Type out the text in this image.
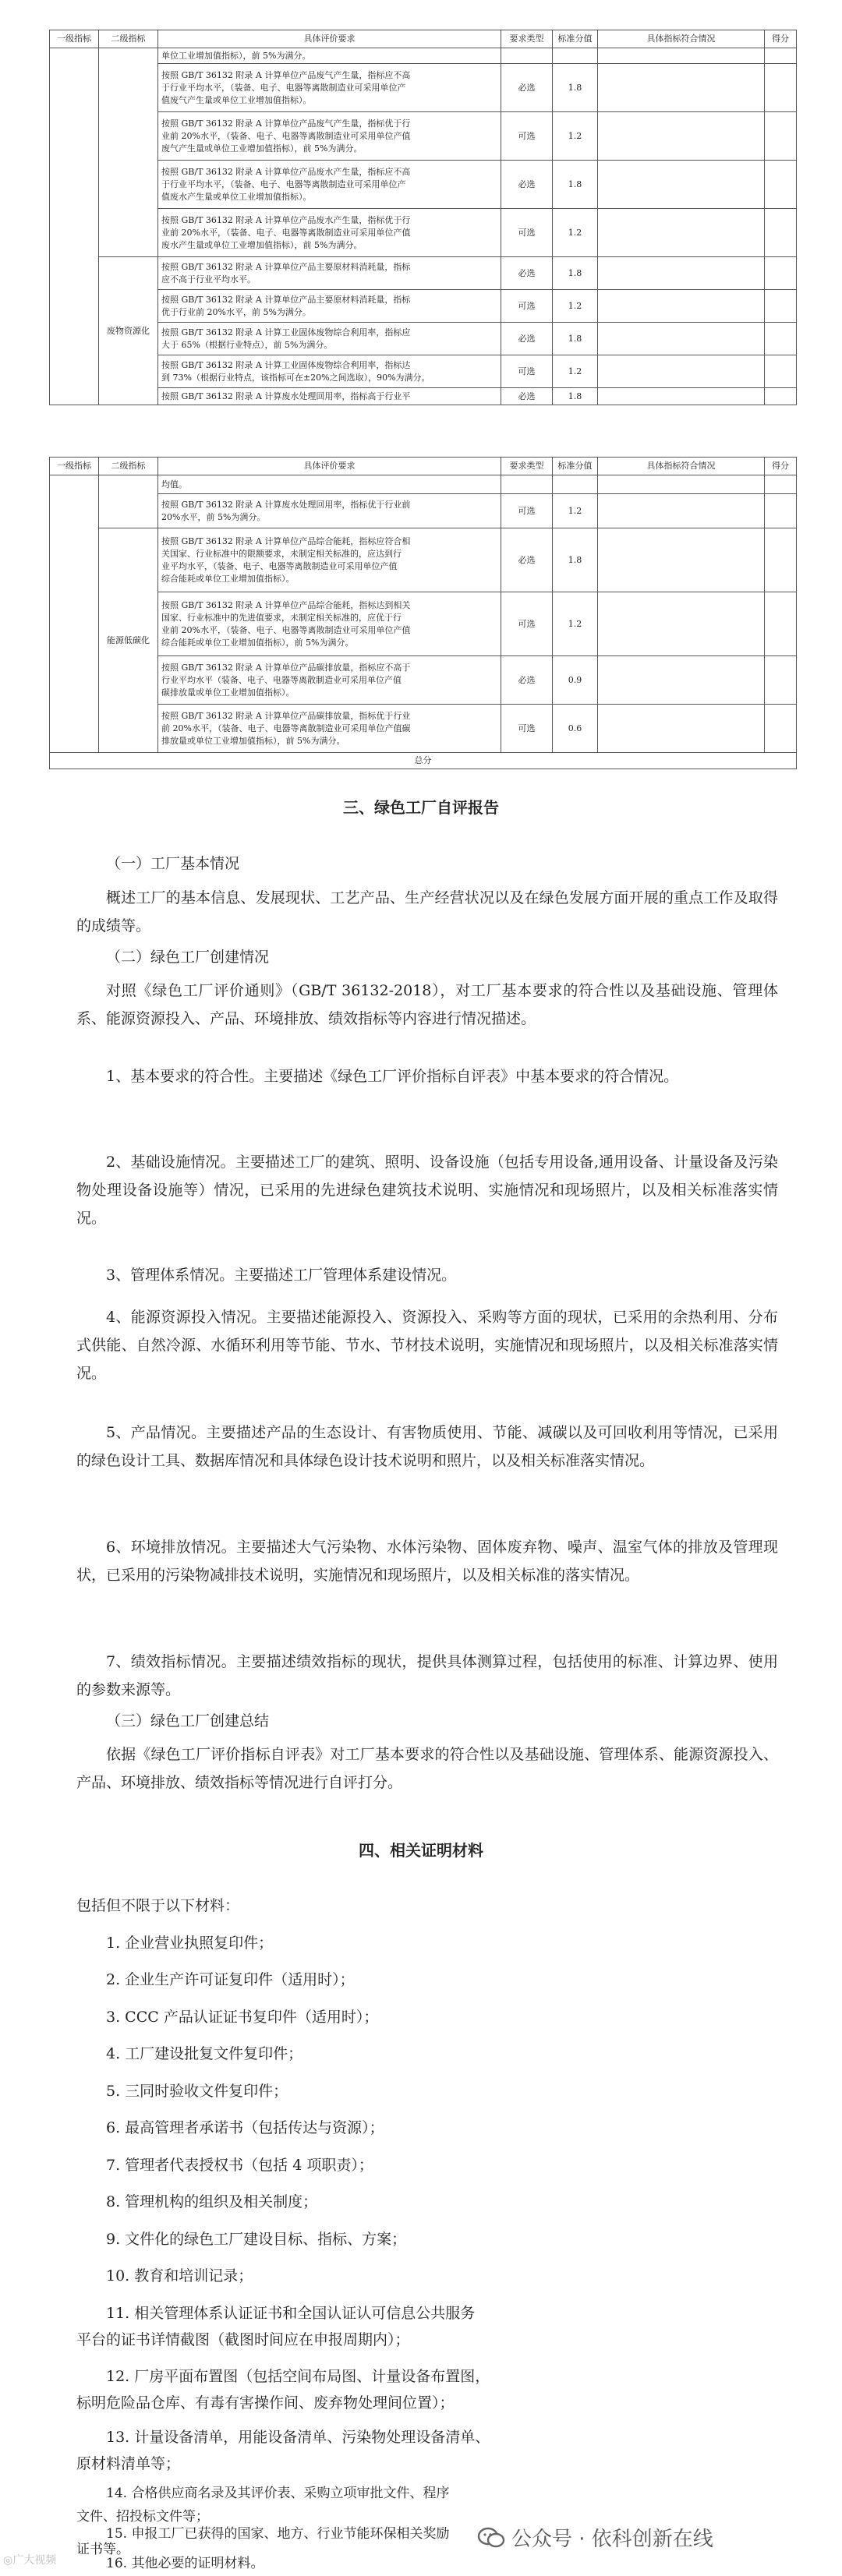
一级指标	二级指标	具体评价要求	要求类型	标准分值	具体指标符合情况	得分
		单位工业增加值指标），前 5%为满分。				
		按照 GB/T 36132 附录 A 计算单位产品废气产生量，指标应不高
于行业平均水平，（装备、电子、电器等离散制造业可采用单位产
值废气产生量或单位工业增加值指标）。	必选	1.8		
		按照 GB/T 36132 附录 A 计算单位产品废气产生量，指标优于行
业前 20%水平，（装备、电子、电器等离散制造业可采用单位产值
废气产生量或单位工业增加值指标），前 5%为满分。	可选	1.2		
		按照 GB/T 36132 附录 A 计算单位产品废水产生量，指标应不高
于行业平均水平，（装备、电子、电器等离散制造业可采用单位产
值废水产生量或单位工业增加值指标）。	必选	1.8		
		按照 GB/T 36132 附录 A 计算单位产品废水产生量，指标优于行
业前 20%水平，（装备、电子、电器等离散制造业可采用单位产值
废水产生量或单位工业增加值指标），前 5%为满分。	可选	1.2		
	废物资源化	按照 GB/T 36132 附录 A 计算单位产品主要原材料消耗量，指标
应不高于行业平均水平。	必选	1.8		
		按照 GB/T 36132 附录 A 计算单位产品主要原材料消耗量，指标
优于行业前 20%水平，前 5%为满分。	可选	1.2		
		按照 GB/T 36132 附录 A 计算工业固体废物综合利用率，指标应
大于 65%（根据行业特点），前 5%为满分。	必选	1.8		
		按照 GB/T 36132 附录 A 计算工业固体废物综合利用率，指标达
到 73%（根据行业特点，该指标可在±20%之间选取），90%为满分。	可选	1.2		
		按照 GB/T 36132 附录 A 计算废水处理回用率，指标高于行业平	必选	1.8		
一级指标	二级指标	具体评价要求	要求类型	标准分值	具体指标符合情况	得分
		均值。				
		按照 GB/T 36132 附录 A 计算废水处理回用率，指标优于行业前
20%水平，前 5%为满分。	可选	1.2		
	能源低碳化	按照 GB/T 36132 附录 A 计算单位产品综合能耗，指标应符合相
关国家、行业标准中的限额要求，未制定相关标准的，应达到行
业平均水平，（装备、电子、电器等离散制造业可采用单位产值
综合能耗或单位工业增加值指标）。	必选	1.8		
		按照 GB/T 36132 附录 A 计算单位产品综合能耗，指标达到相关
国家、行业标准中的先进值要求，未制定相关标准的，应优于行
业前 20%水平，（装备、电子、电器等离散制造业可采用单位产值
综合能耗或单位工业增加值指标），前 5%为满分。	可选	1.2		
		按照 GB/T 36132 附录 A 计算单位产品碳排放量，指标应不高于
行业平均水平（装备、电子、电器等离散制造业可采用单位产值
碳排放量或单位工业增加值指标）。	必选	0.9		
		按照 GB/T 36132 附录 A 计算单位产品碳排放量，指标优于行业
前 20%水平，（装备、电子、电器等离散制造业可采用单位产值碳
排放量或单位工业增加值指标），前 5%为满分。	可选	0.6		
总分						
三、绿色工厂自评报告
（一）工厂基本情况
概述工厂的基本信息、发展现状、工艺产品、生产经营状况以及在绿色发展方面开展的重点工作及取得的成绩等。
（二）绿色工厂创建情况
对照《绿色工厂评价通则》（GB/T 36132-2018），对工厂基本要求的符合性以及基础设施、管理体系、能源资源投入、产品、环境排放、绩效指标等内容进行情况描述。
1、基本要求的符合性。主要描述《绿色工厂评价指标自评表》中基本要求的符合情况。
2、基础设施情况。主要描述工厂的建筑、照明、设备设施（包括专用设备,通用设备、计量设备及污染物处理设备设施等）情况，已采用的先进绿色建筑技术说明、实施情况和现场照片，以及相关标准落实情况。
3、管理体系情况。主要描述工厂管理体系建设情况。
4、能源资源投入情况。主要描述能源投入、资源投入、采购等方面的现状，已采用的余热利用、分布式供能、自然冷源、水循环利用等节能、节水、节材技术说明，实施情况和现场照片，以及相关标准落实情况。
5、产品情况。主要描述产品的生态设计、有害物质使用、节能、减碳以及可回收利用等情况，已采用的绿色设计工具、数据库情况和具体绿色设计技术说明和照片，以及相关标准落实情况。
6、环境排放情况。主要描述大气污染物、水体污染物、固体废弃物、噪声、温室气体的排放及管理现状，已采用的污染物减排技术说明，实施情况和现场照片，以及相关标准的落实情况。
7、绩效指标情况。主要描述绩效指标的现状，提供具体测算过程，包括使用的标准、计算边界、使用的参数来源等。
（三）绿色工厂创建总结
依据《绿色工厂评价指标自评表》对工厂基本要求的符合性以及基础设施、管理体系、能源资源投入、产品、环境排放、绩效指标等情况进行自评打分。
四、相关证明材料
包括但不限于以下材料：
1. 企业营业执照复印件；
2. 企业生产许可证复印件（适用时）；
3. CCC 产品认证证书复印件（适用时）；
4. 工厂建设批复文件复印件；
5. 三同时验收文件复印件；
6. 最高管理者承诺书（包括传达与资源）；
7. 管理者代表授权书（包括 4 项职责）；
8. 管理机构的组织及相关制度；
9. 文件化的绿色工厂建设目标、指标、方案；
10. 教育和培训记录；
11. 相关管理体系认证证书和全国认证认可信息公共服务
平台的证书详情截图（截图时间应在申报周期内）；
12. 厂房平面布置图（包括空间布局图、计量设备布置图，
标明危险品仓库、有毒有害操作间、废弃物处理间位置）；
13. 计量设备清单，用能设备清单、污染物处理设备清单、
原材料清单等；
公众号 · 依科创新在线
◎广大视频
14. 合格供应商名录及其评价表、采购立项审批文件、程序
文件、招投标文件等；
15. 申报工厂已获得的国家、地方、行业节能环保相关奖励
证书等。
16. 其他必要的证明材料。
